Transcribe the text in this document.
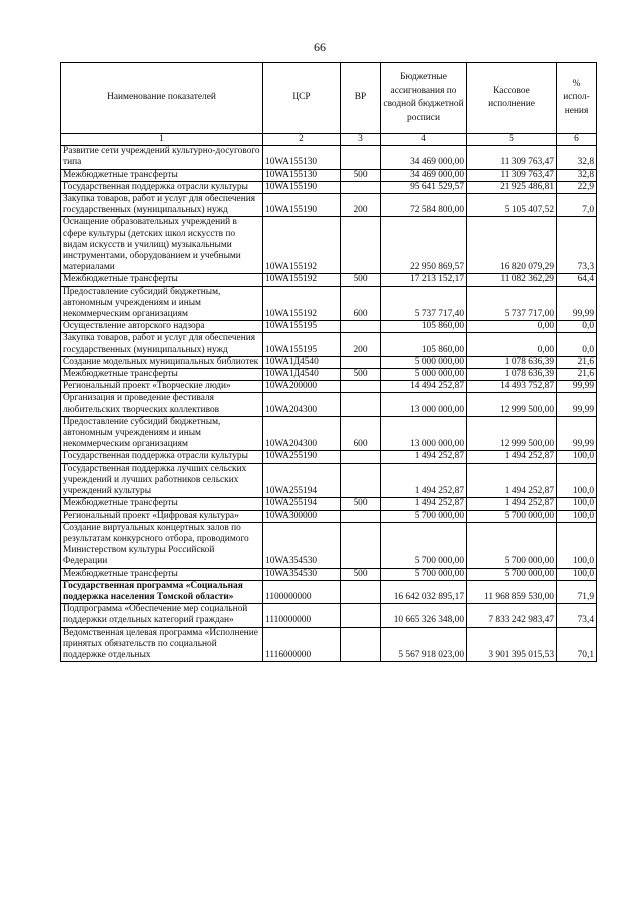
66
Наименование показателей	ЦСР	ВР	Бюджетные ассигнования по сводной бюджетной росписи	Кассовое исполнение	% испол-нения
1	2	3	4	5	6
Развитие сети учреждений культурно-досугового типа	10WA155130		34 469 000,00	11 309 763,47	32,8
Межбюджетные трансферты	10WA155130	500	34 469 000,00	11 309 763,47	32,8
Государственная поддержка отрасли культуры	10WA155190		95 641 529,57	21 925 486,81	22,9
Закупка товаров, работ и услуг для обеспечения государственных (муниципальных) нужд	10WA155190	200	72 584 800,00	5 105 407,52	7,0
Оснащение образовательных учреждений в сфере культуры (детских школ искусств по видам искусств и училищ) музыкальными инструментами, оборудованием и учебными материалами	10WA155192		22 950 869,57	16 820 079,29	73,3
Межбюджетные трансферты	10WA155192	500	17 213 152,17	11 082 362,29	64,4
Предоставление субсидий бюджетным, автономным учреждениям и иным некоммерческим организациям	10WA155192	600	5 737 717,40	5 737 717,00	99,99
Осуществление авторского надзора	10WA155195		105 860,00	0,00	0,0
Закупка товаров, работ и услуг для обеспечения государственных (муниципальных) нужд	10WA155195	200	105 860,00	0,00	0,0
Создание модельных муниципальных библиотек	10WA1Д4540		5 000 000,00	1 078 636,39	21,6
Межбюджетные трансферты	10WA1Д4540	500	5 000 000,00	1 078 636,39	21,6
Региональный проект «Творческие люди»	10WA200000		14 494 252,87	14 493 752,87	99,99
Организация и проведение фестиваля любительских творческих коллективов	10WA204300		13 000 000,00	12 999 500,00	99,99
Предоставление субсидий бюджетным, автономным учреждениям и иным некоммерческим организациям	10WA204300	600	13 000 000,00	12 999 500,00	99,99
Государственная поддержка отрасли культуры	10WA255190		1 494 252,87	1 494 252,87	100,0
Государственная поддержка лучших сельских учреждений и лучших работников сельских учреждений культуры	10WA255194		1 494 252,87	1 494 252,87	100,0
Межбюджетные трансферты	10WA255194	500	1 494 252,87	1 494 252,87	100,0
Региональный проект «Цифровая культура»	10WA300000		5 700 000,00	5 700 000,00	100,0
Создание виртуальных концертных залов по результатам конкурсного отбора, проводимого Министерством культуры Российской Федерации	10WA354530		5 700 000,00	5 700 000,00	100,0
Межбюджетные трансферты	10WA354530	500	5 700 000,00	5 700 000,00	100,0
Государственная программа «Социальная поддержка населения Томской области»	1100000000		16 642 032 895,17	11 968 859 530,00	71,9
Подпрограмма «Обеспечение мер социальной поддержки отдельных категорий граждан»	1110000000		10 665 326 348,00	7 833 242 983,47	73,4
Ведомственная целевая программа «Исполнение принятых обязательств по социальной поддержке отдельных	1116000000		5 567 918 023,00	3 901 395 015,53	70,1
